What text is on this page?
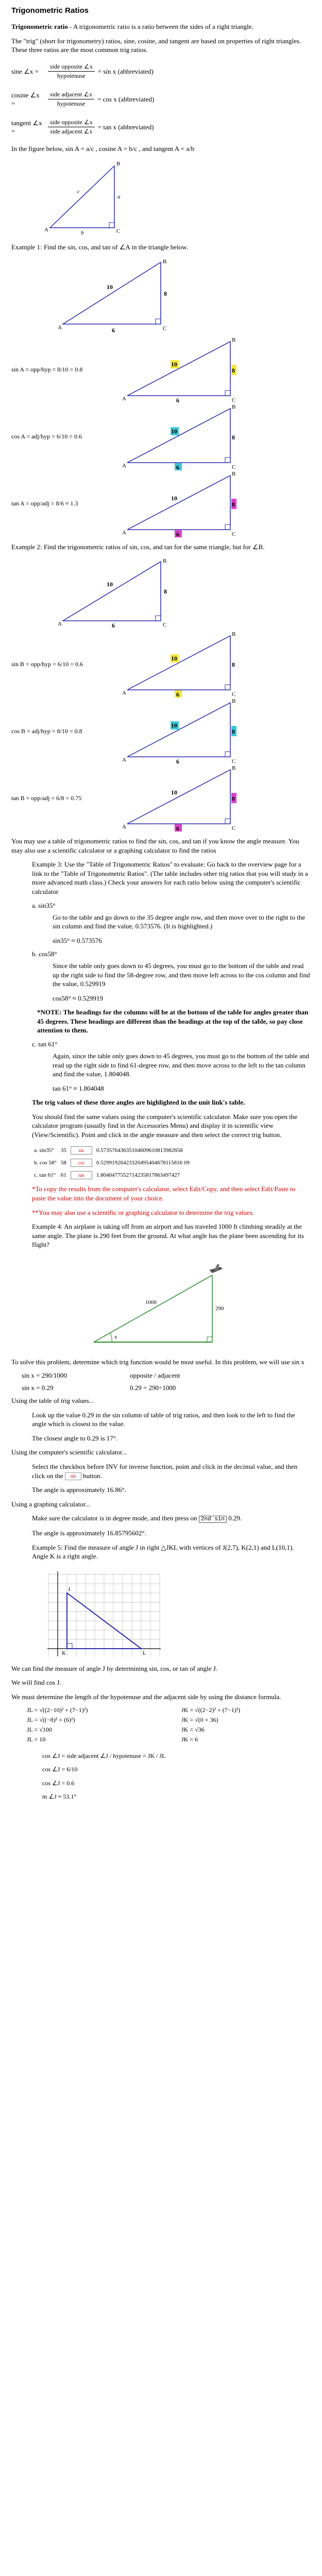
Trigonometric Ratios

Trigonometric ratio - A trigonometric ratio is a ratio between the sides of a right triangle.

The "trig" (short for trigonometry) ratios, sine, cosine, and tangent are based on properties of right triangles. These three ratios are the most common trig ratios.

sine ∠x =	$\frac{\text{side opposite ∠x}}{\text{hypotenuse}} = \sin x$ (abbreviated)
cosine ∠x =	$\frac{\text{side adjacent ∠x}}{\text{hypotenuse}} = \cos x$ (abbreviated)
tangent ∠x =	$\frac{\text{side opposite ∠x}}{\text{side adjacent ∠x}} = \tan x$ (abbreviated)

In the figure below, sin A = a/c , cosine A = b/c , and tangent A = a/b

A
B
C
a
b
c

Example 1: Find the sin, cos, and tan of ∠A in the triangle below.

A
B
C
10
8
6
sin A = opp/hyp = 8/10 = 0.8
A
B
C
10
8
6
cos A = adj/hyp = 6/10 = 0.6
A
B
C
10
8
6
tan A = opp/adj = 8/6 ≈ 1.3
A
B
C
10
8
6

Example 2: Find the trigonometric ratios of sin, cos, and tan for the same triangle, but for ∠B.

A
B
C
10
8
6
sin B = opp/hyp = 6/10 = 0.6
A
B
C
10
8
6
cos B = adj/hyp = 8/10 = 0.8
A
B
C
10
8
6
tan B = opp/adj = 6/8 = 0.75
A
B
C
10
8
6

You may use a table of trigonometric ratios to find the sin, cos, and tan if you know the angle measure. You may also use a scientific calculator or a graphing calculator to find the ratios

Example 3: Use the "Table of Trigonometric Ratios" to evaluate: Go back to the overview page for a link to the "Table of Trigonometric Ratios". (The table includes other trig ratios that you will study in a more advanced math class.) Check your answers for each ratio below using the computer's scientific calculator

a. sin35°

Go to the table and go down to the 35 degree angle row, and then move over to the right to the sin column and find the value, 0.573576. (It is highlighted.)

sin35° ≈ 0.573576

b. cos58°

Since the table only goes down to 45 degrees, you must go to the bottom of the table and read up the right side to find the 58-degree row, and then move left across to the cos column and find the value, 0.529919

cos58° ≈ 0.529919

*NOTE: The headings for the columns will be at the bottom of the table for angles greater than 45 degrees. These headings are different than the headings at the top of the table, so pay close attention to them.

c. tan 61°

Again, since the table only goes down to 45 degrees, you must go to the bottom of the table and read up the right side to find 61-degree row, and then move across to the left to the tan column and find the value, 1.804048.

tan 61° ≈ 1.804048

The trig values of these three angles are highlighted in the unit link's table.

You should find the same values using the computer's scientific calculator. Make sure you open the calculator program (usually find in the Accessories Menu) and display it in scientific view (View/Scientific). Point and click in the angle measure and then select the correct trig button.

a. sin35°	35	sin	0.57357643635104609610813982658
b. cos 58°	58	cos	0.52991926423320495404678115816 09
c. tan 61°	61	tan	1.8040477552714235817863497427

*To copy the results from the computer's calculator, select Edit/Copy, and then select Edit/Paste to paste the value into the document of your choice.

**You may also use a scientific or graphing calculator to determine the trig values.

Example 4: An airplane is taking off from an airport and has traveled 1000 ft climbing steadily at the same angle. The plane is 290 feet from the ground. At what angle has the plane been ascending for its flight?

x
1000
290

To solve this problem, determine which trig function would be most useful. In this problem, we will use sin x

sin x = 290/1000	opposite / adjacent
sin x = 0.29	0.29 = 290÷1000

Using the table of trig values...

Look up the value 0.29 in the sin column of table of trig ratios, and then look to the left to find the angle which is closest to the value.

The closest angle to 0.29 is 17°.

Using the computer's scientific calculator...

Select the checkbox before INV for inverse function, point and click in the decimal value, and then click on the sin button.

The angle is approximately 16.86°.

Using a graphing calculator...

Make sure the calculator is in degree mode, and then press on 2nd sin 0.29.

The angle is approximately 16.85795602°.

Example 5: Find the measure of angle J in right △JKL with vertices of J(2,7), K(2,1) and L(10,1). Angle K is a right angle.

J
K	L

We can find the measure of angle J by determining sin, cos, or tan of angle J.

We will find cos J.

We must determine the length of the hypotenuse and the adjacent side by using the distance formula.

JL = √((2−10)² + (7−1)²)	JK = √((2−2)² + (7−1)²)
JL = √((−8)² + (6)²)	JK = √(0 + 36)
JL = √100	JK = √36
JL = 10	JK = 6

cos ∠J = side adjacent ∠J / hypotenuse = JK / JL

cos ∠J = 6/10

cos ∠J = 0.6

m ∠J ≈ 53.1°
